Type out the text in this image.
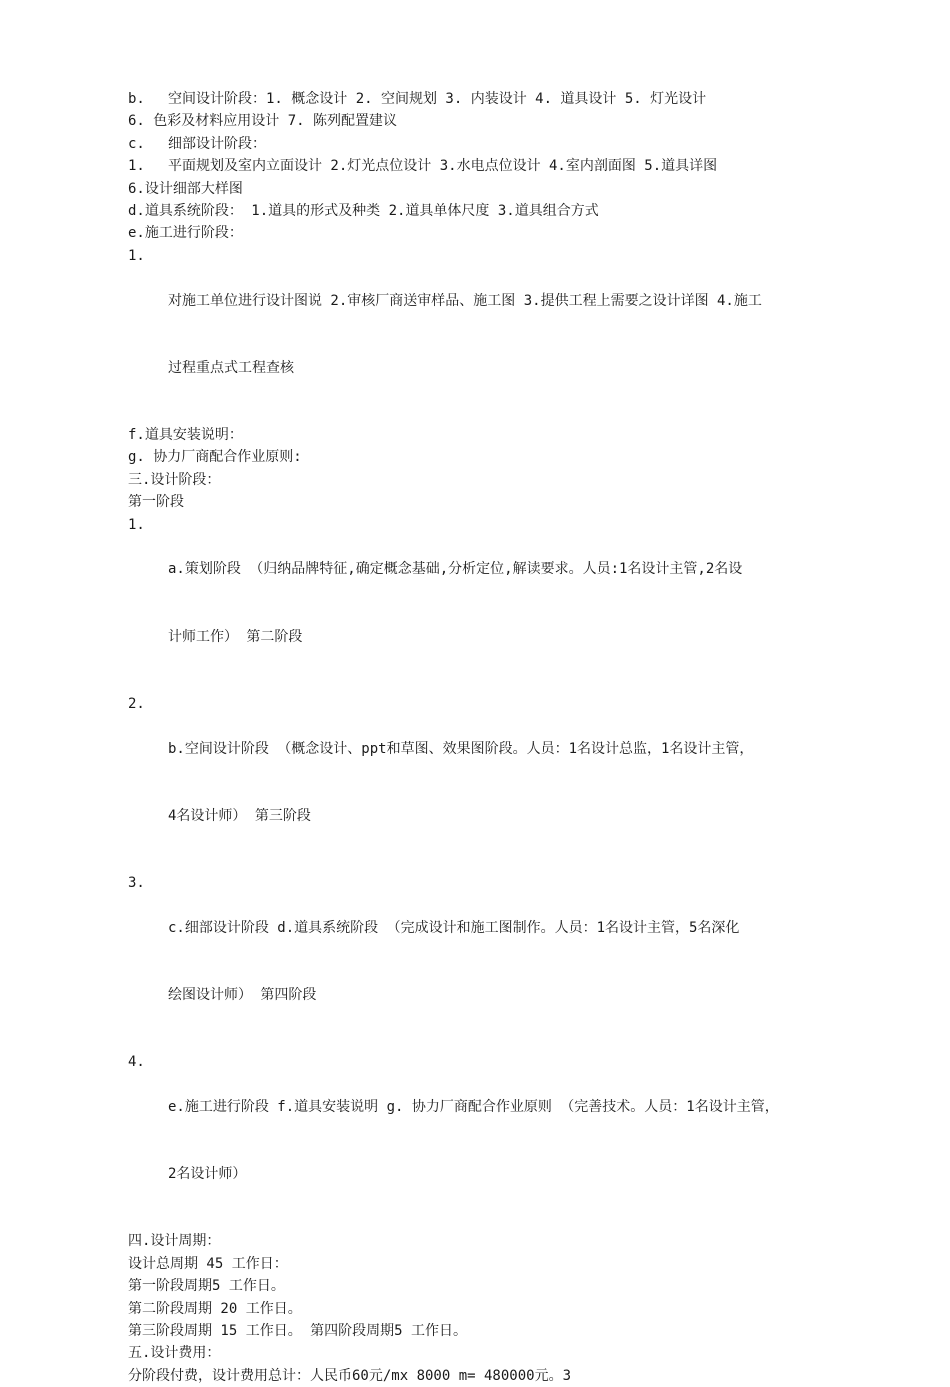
b.	空间设计阶段：1. 概念设计 2. 空间规划 3. 内装设计 4. 道具设计 5. 灯光设计
6. 色彩及材料应用设计 7. 陈列配置建议
c.	细部设计阶段：
1.	平面规划及室内立面设计 2.灯光点位设计 3.水电点位设计 4.室内剖面图 5.道具详图
6.设计细部大样图
d.道具系统阶段： 1.道具的形式及种类 2.道具单体尺度 3.道具组合方式
e.施工进行阶段：
1.

对施工单位进行设计图说 2.审核厂商送审样品、施工图 3.提供工程上需要之设计详图 4.施工

过程重点式工程查核

f.道具安装说明：
g. 协力厂商配合作业原则:
三.设计阶段：
第一阶段
1.

a.策划阶段 （归纳品牌特征,确定概念基础,分析定位,解读要求。人员:1名设计主管,2名设

计师工作） 第二阶段

2.

b.空间设计阶段 （概念设计、ppt和草图、效果图阶段。人员：1名设计总监，1名设计主管，

4名设计师） 第三阶段

3.

c.细部设计阶段 d.道具系统阶段 （完成设计和施工图制作。人员：1名设计主管，5名深化

绘图设计师） 第四阶段

4.

e.施工进行阶段 f.道具安装说明 g. 协力厂商配合作业原则 （完善技术。人员：1名设计主管，

2名设计师）

四.设计周期：
设计总周期 45 工作日：
第一阶段周期5 工作日。
第二阶段周期 20 工作日。
第三阶段周期 15 工作日。 第四阶段周期5 工作日。
五.设计费用：
分阶段付费，设计费用总计：人民币60元/mx 8000 m= 480000元。3
